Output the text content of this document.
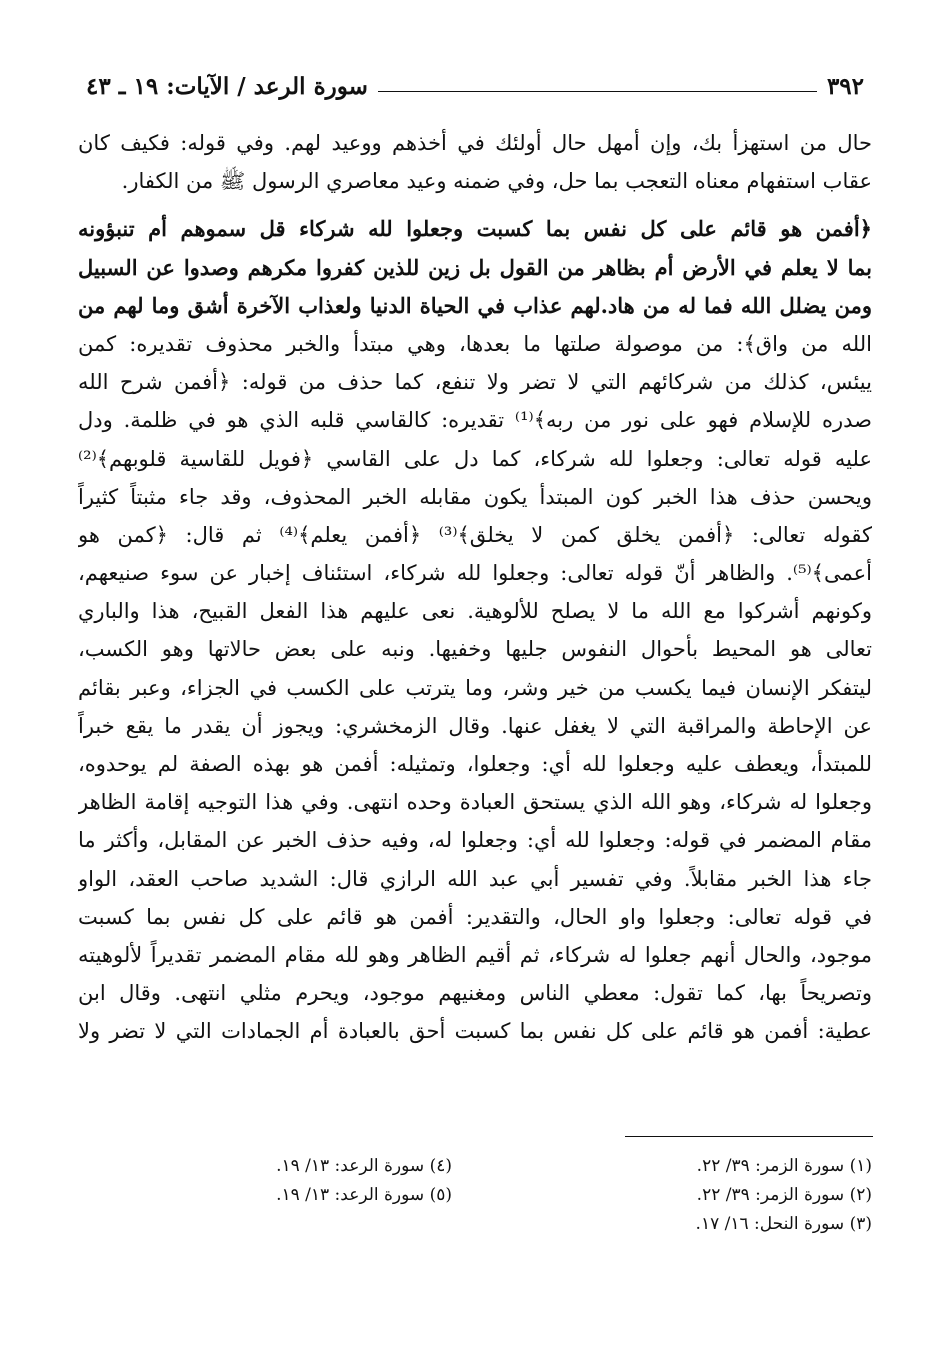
٣٩٢
سورة الرعد / الآيات: ١٩ ـ ٤٣
حال من استهزأ بك، وإن أمهل حال أولئك في أخذهم ووعيد لهم. وفي قوله: فكيف كان
عقاب استفهام معناه التعجب بما حل، وفي ضمنه وعيد معاصري الرسول ﷺ من الكفار.
﴿أفمن هو قائم على كل نفس بما كسبت وجعلوا لله شركاء قل سموهم أم تنبؤونه
بما لا يعلم في الأرض أم بظاهر من القول بل زين للذين كفروا مكرهم وصدوا عن السبيل
ومن يضلل الله فما له من هاد.لهم عذاب في الحياة الدنيا ولعذاب الآخرة أشق وما لهم من
الله من واق﴾: من موصولة صلتها ما بعدها، وهي مبتدأ والخبر محذوف تقديره: كمن
ييئس، كذلك من شركائهم التي لا تضر ولا تنفع، كما حذف من قوله: ﴿أفمن شرح الله
صدره للإسلام فهو على نور من ربه﴾⁽¹⁾ تقديره: كالقاسي قلبه الذي هو في ظلمة. ودل
عليه قوله تعالى: وجعلوا لله شركاء، كما دل على القاسي ﴿فويل للقاسية قلوبهم﴾⁽²⁾
ويحسن حذف هذا الخبر كون المبتدأ يكون مقابله الخبر المحذوف، وقد جاء مثبتاً كثيراً
كقوله تعالى: ﴿أفمن يخلق كمن لا يخلق﴾⁽³⁾ ﴿أفمن يعلم﴾⁽⁴⁾ ثم قال: ﴿كمن هو
أعمى﴾⁽⁵⁾. والظاهر أنّ قوله تعالى: وجعلوا لله شركاء، استئناف إخبار عن سوء صنيعهم،
وكونهم أشركوا مع الله ما لا يصلح للألوهية. نعى عليهم هذا الفعل القبيح، هذا والباري
تعالى هو المحيط بأحوال النفوس جليها وخفيها. ونبه على بعض حالاتها وهو الكسب،
ليتفكر الإنسان فيما يكسب من خير وشر، وما يترتب على الكسب في الجزاء، وعبر بقائم
عن الإحاطة والمراقبة التي لا يغفل عنها. وقال الزمخشري: ويجوز أن يقدر ما يقع خبراً
للمبتدأ، ويعطف عليه وجعلوا لله أي: وجعلوا، وتمثيله: أفمن هو بهذه الصفة لم يوحدوه،
وجعلوا له شركاء، وهو الله الذي يستحق العبادة وحده انتهى. وفي هذا التوجيه إقامة الظاهر
مقام المضمر في قوله: وجعلوا لله أي: وجعلوا له، وفيه حذف الخبر عن المقابل، وأكثر ما
جاء هذا الخبر مقابلاً. وفي تفسير أبي عبد الله الرازي قال: الشديد صاحب العقد، الواو
في قوله تعالى: وجعلوا واو الحال، والتقدير: أفمن هو قائم على كل نفس بما كسبت
موجود، والحال أنهم جعلوا له شركاء، ثم أقيم الظاهر وهو لله مقام المضمر تقديراً لألوهيته
وتصريحاً بها، كما تقول: معطي الناس ومغنيهم موجود، ويحرم مثلي انتهى. وقال ابن
عطية: أفمن هو قائم على كل نفس بما كسبت أحق بالعبادة أم الجمادات التي لا تضر ولا
(١) سورة الزمر: ٣٩/ ٢٢.
(٤) سورة الرعد: ١٣/ ١٩.
(٢) سورة الزمر: ٣٩/ ٢٢.
(٥) سورة الرعد: ١٣/ ١٩.
(٣) سورة النحل: ١٦/ ١٧.
